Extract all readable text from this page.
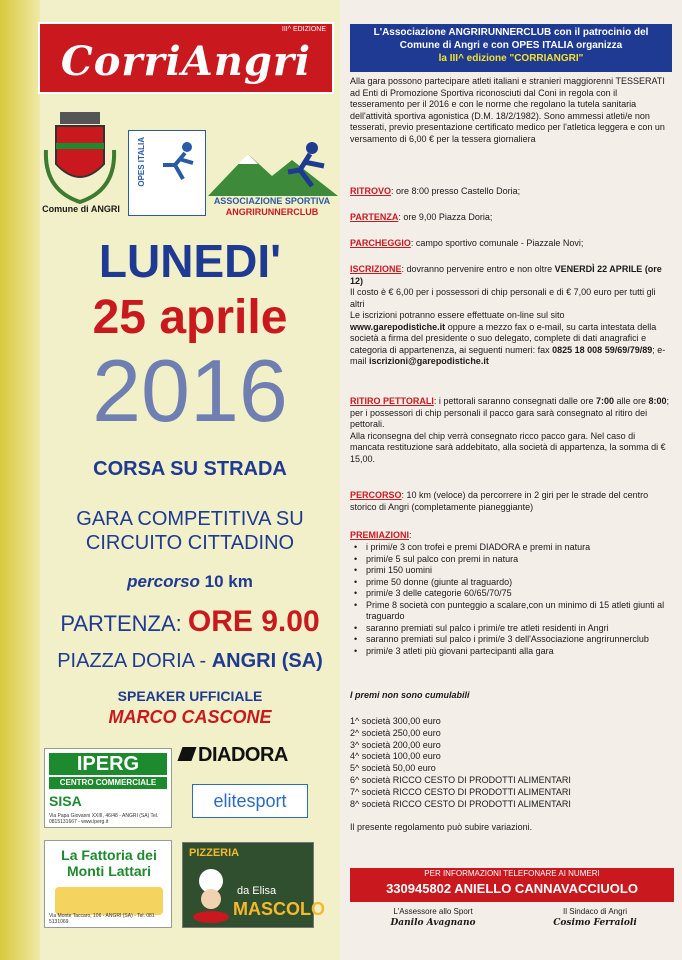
III^ EDIZIONE
CorriAngri
Comune di ANGRI
OPES ITALIA
ASSOCIAZIONE SPORTIVA
ANGRIRUNNERCLUB
LUNEDI'
25 aprile
2016
CORSA SU STRADA
GARA COMPETITIVA SU
CIRCUITO CITTADINO
percorso 10 km
PARTENZA: ORE 9.00
PIAZZA DORIA - ANGRI (SA)
SPEAKER UFFICIALE
MARCO CASCONE
IPERG
CENTRO COMMERCIALE
SISA
Via Papa Giovanni XXIII, 46/48 - ANGRI (SA) Tel. 0815131667 - www.iperg.it
DIADORA
elitesport
La Fattoria dei Monti Lattari
Via Monte Taccaro, 106 - ANGRI (SA) - Tel. 081 5131069
PIZZERIA
da Elisa
MASCOLO
L'Associazione ANGRIRUNNERCLUB con il patrocinio del
Comune di Angri e con OPES ITALIA organizza
la III^ edizione "CORRIANGRI"
Alla gara possono partecipare atleti italiani e stranieri maggiorenni TESSERATI ad Enti di Promozione Sportiva riconosciuti dal Coni in regola con il tesseramento per il 2016 e con le norme che regolano la tutela sanitaria dell'attività sportiva agonistica (D.M. 18/2/1982). Sono ammessi atleti/e non tesserati, previo presentazione certificato medico per l'atletica leggera e con un versamento di 6,00 € per la tessera giornaliera
RITROVO: ore 8:00 presso Castello Doria;
PARTENZA: ore 9,00 Piazza Doria;
PARCHEGGIO: campo sportivo comunale - Piazzale Novi;
ISCRIZIONE: dovranno pervenire entro e non oltre VENERDÌ 22 APRILE (ore 12)
Il costo è € 6,00 per i possessori di chip personali e di € 7,00 euro per tutti gli altri
Le iscrizioni potranno essere effettuate on-line sul sito
www.garepodistiche.it oppure a mezzo fax o e-mail, su carta intestata della società a firma del presidente o suo delegato, complete di dati anagrafici e categoria di appartenenza, ai seguenti numeri: fax 0825 18 008 59/69/79/89; e-mail iscrizioni@garepodistiche.it
RITIRO PETTORALI: i pettorali saranno consegnati dalle ore 7:00 alle ore 8:00; per i possessori di chip personali il pacco gara sarà consegnato al ritiro dei pettorali.
Alla riconsegna del chip verrà consegnato ricco pacco gara. Nel caso di mancata restituzione sarà addebitato, alla società di appartenza, la somma di € 15,00.
PERCORSO: 10 km (veloce) da percorrere in 2 giri per le strade del centro storico di Angri (completamente pianeggiante)
PREMIAZIONI:
• i primi/e 3 con trofei e premi DIADORA e premi in natura
• primi/e 5 sul palco con premi in natura
• primi 150 uomini
• prime 50 donne (giunte al traguardo)
• primi/e 3 delle categorie 60/65/70/75
• Prime 8 società con punteggio a scalare,con un minimo di 15 atleti giunti al traguardo
• saranno premiati sul palco i primi/e tre atleti residenti in Angri
• saranno premiati sul palco i primi/e 3 dell'Associazione angrirunnerclub
• primi/e 3 atleti più giovani partecipanti alla gara
I premi non sono cumulabili
1^ società 300,00 euro
2^ società 250,00 euro
3^ società 200,00 euro
4^ società 100,00 euro
5^ società 50,00 euro
6^ società RICCO CESTO DI PRODOTTI ALIMENTARI
7^ società RICCO CESTO DI PRODOTTI ALIMENTARI
8^ società RICCO CESTO DI PRODOTTI ALIMENTARI
Il presente regolamento può subire variazioni.
PER INFORMAZIONI TELEFONARE AI NUMERI
330945802 ANIELLO CANNAVACCIUOLO
L'Assessore allo Sport
Danilo Avagnano
Il Sindaco di Angri
Cosimo Ferraioli
